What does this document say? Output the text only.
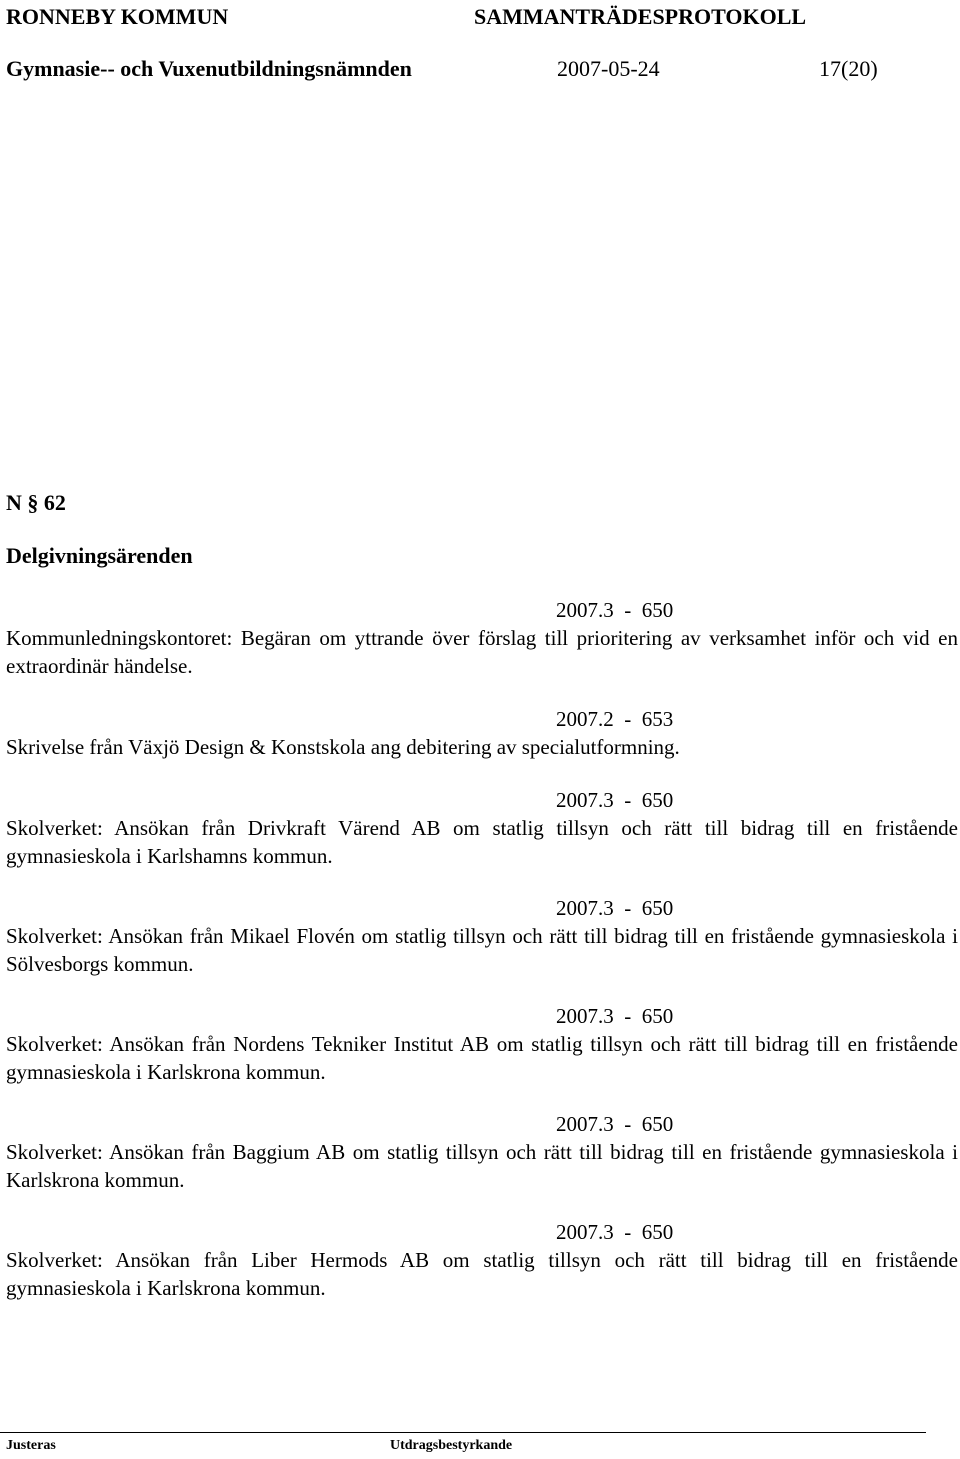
RONNEBY KOMMUN	SAMMANTRÄDESPROTOKOLL
Gymnasie-- och Vuxenutbildningsnämnden	2007-05-24	17(20)
N § 62
Delgivningsärenden
2007.3  -  650
Kommunledningskontoret: Begäran om yttrande över förslag till prioritering av verksamhet inför och vid en extraordinär händelse.
2007.2  -  653
Skrivelse från Växjö Design & Konstskola ang debitering av specialutformning.
2007.3  -  650
Skolverket: Ansökan från Drivkraft Värend AB om statlig tillsyn och rätt till bidrag till en fristående gymnasieskola i Karlshamns kommun.
2007.3  -  650
Skolverket: Ansökan från Mikael Flovén om statlig tillsyn och rätt till bidrag till en fristående gymnasieskola i Sölvesborgs kommun.
2007.3  -  650
Skolverket: Ansökan från Nordens Tekniker Institut AB om statlig tillsyn och rätt till bidrag till en fristående gymnasieskola i Karlskrona kommun.
2007.3  -  650
Skolverket: Ansökan från Baggium AB om statlig tillsyn och rätt till bidrag till en fristående gymnasieskola i Karlskrona kommun.
2007.3  -  650
Skolverket: Ansökan från Liber Hermods AB om statlig tillsyn och rätt till bidrag till en fristående gymnasieskola i Karlskrona kommun.
Justeras	Utdragsbestyrkande
